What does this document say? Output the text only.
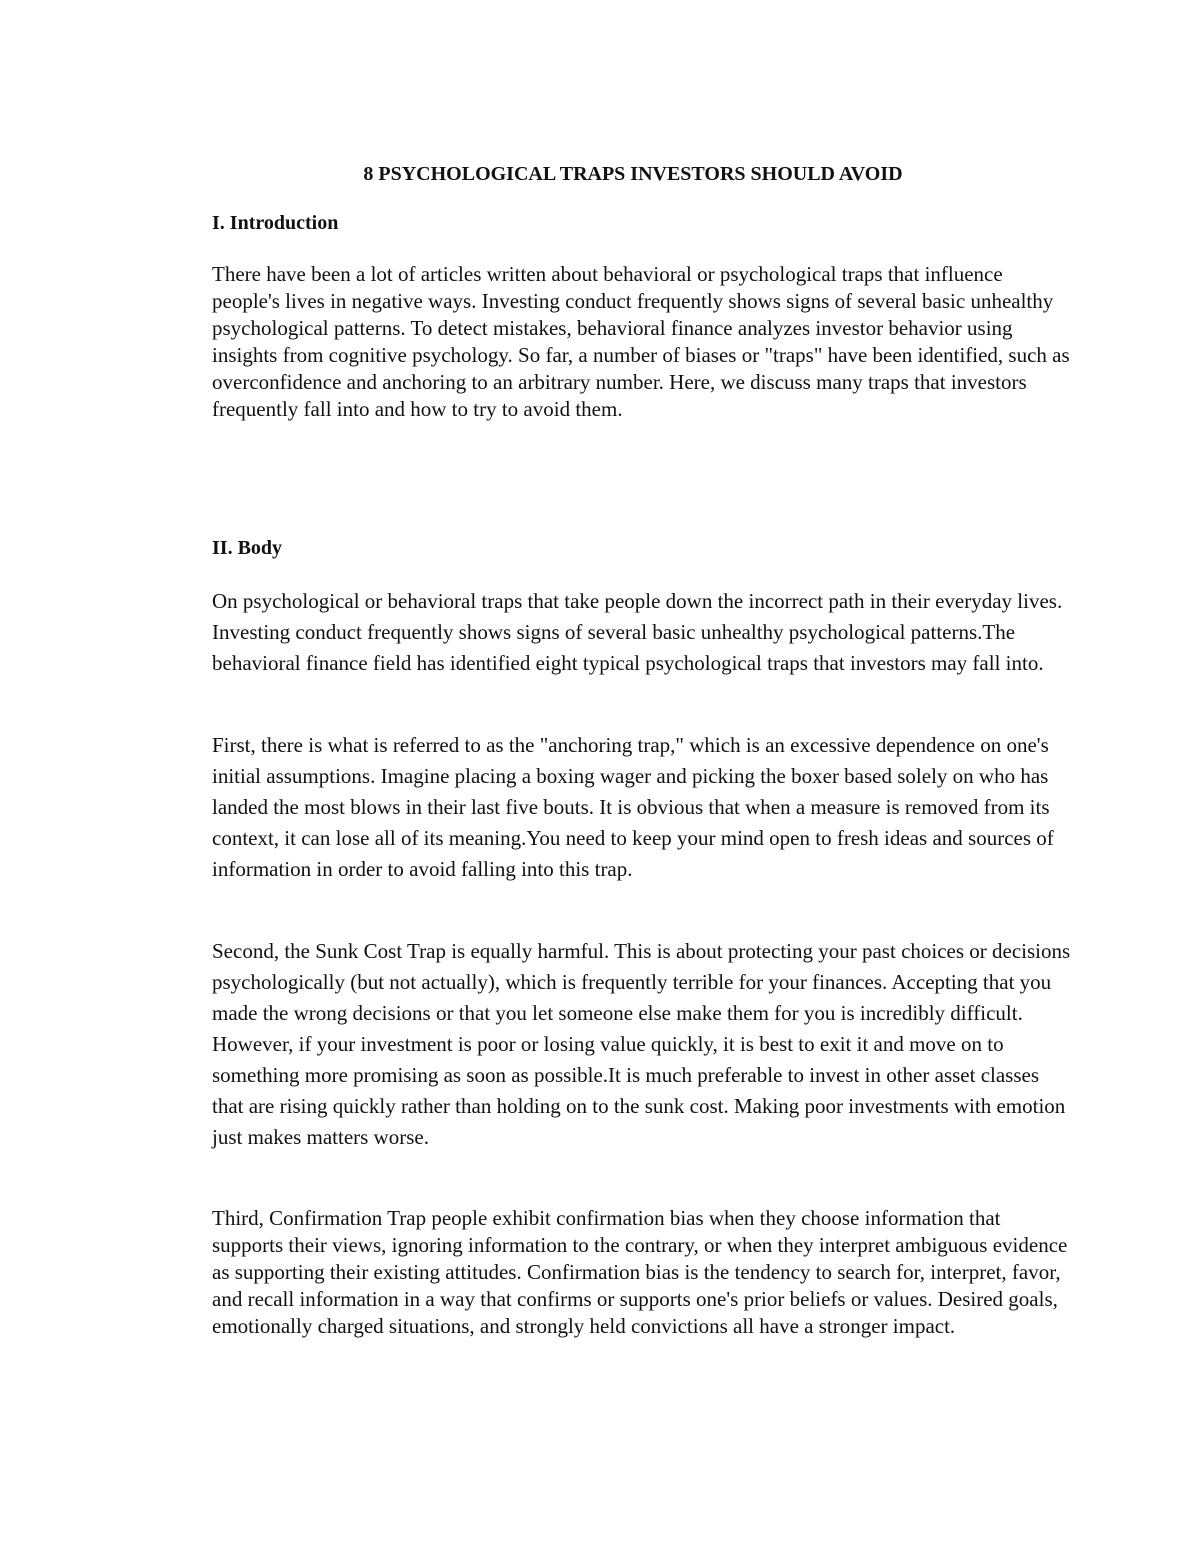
8 PSYCHOLOGICAL TRAPS INVESTORS SHOULD AVOID
I. Introduction

There have been a lot of articles written about behavioral or psychological traps that influence people's lives in negative ways. Investing conduct frequently shows signs of several basic unhealthy psychological patterns. To detect mistakes, behavioral finance analyzes investor behavior using insights from cognitive psychology. So far, a number of biases or "traps" have been identified, such as overconfidence and anchoring to an arbitrary number. Here, we discuss many traps that investors frequently fall into and how to try to avoid them.

II. Body

On psychological or behavioral traps that take people down the incorrect path in their everyday lives. Investing conduct frequently shows signs of several basic unhealthy psychological patterns.The behavioral finance field has identified eight typical psychological traps that investors may fall into.

First, there is what is referred to as the "anchoring trap," which is an excessive dependence on one's initial assumptions. Imagine placing a boxing wager and picking the boxer based solely on who has landed the most blows in their last five bouts. It is obvious that when a measure is removed from its context, it can lose all of its meaning.You need to keep your mind open to fresh ideas and sources of information in order to avoid falling into this trap.

Second, the Sunk Cost Trap is equally harmful. This is about protecting your past choices or decisions psychologically (but not actually), which is frequently terrible for your finances. Accepting that you made the wrong decisions or that you let someone else make them for you is incredibly difficult. However, if your investment is poor or losing value quickly, it is best to exit it and move on to something more promising as soon as possible.It is much preferable to invest in other asset classes that are rising quickly rather than holding on to the sunk cost. Making poor investments with emotion just makes matters worse.

Third, Confirmation Trap people exhibit confirmation bias when they choose information that supports their views, ignoring information to the contrary, or when they interpret ambiguous evidence as supporting their existing attitudes. Confirmation bias is the tendency to search for, interpret, favor, and recall information in a way that confirms or supports one's prior beliefs or values. Desired goals, emotionally charged situations, and strongly held convictions all have a stronger impact.
